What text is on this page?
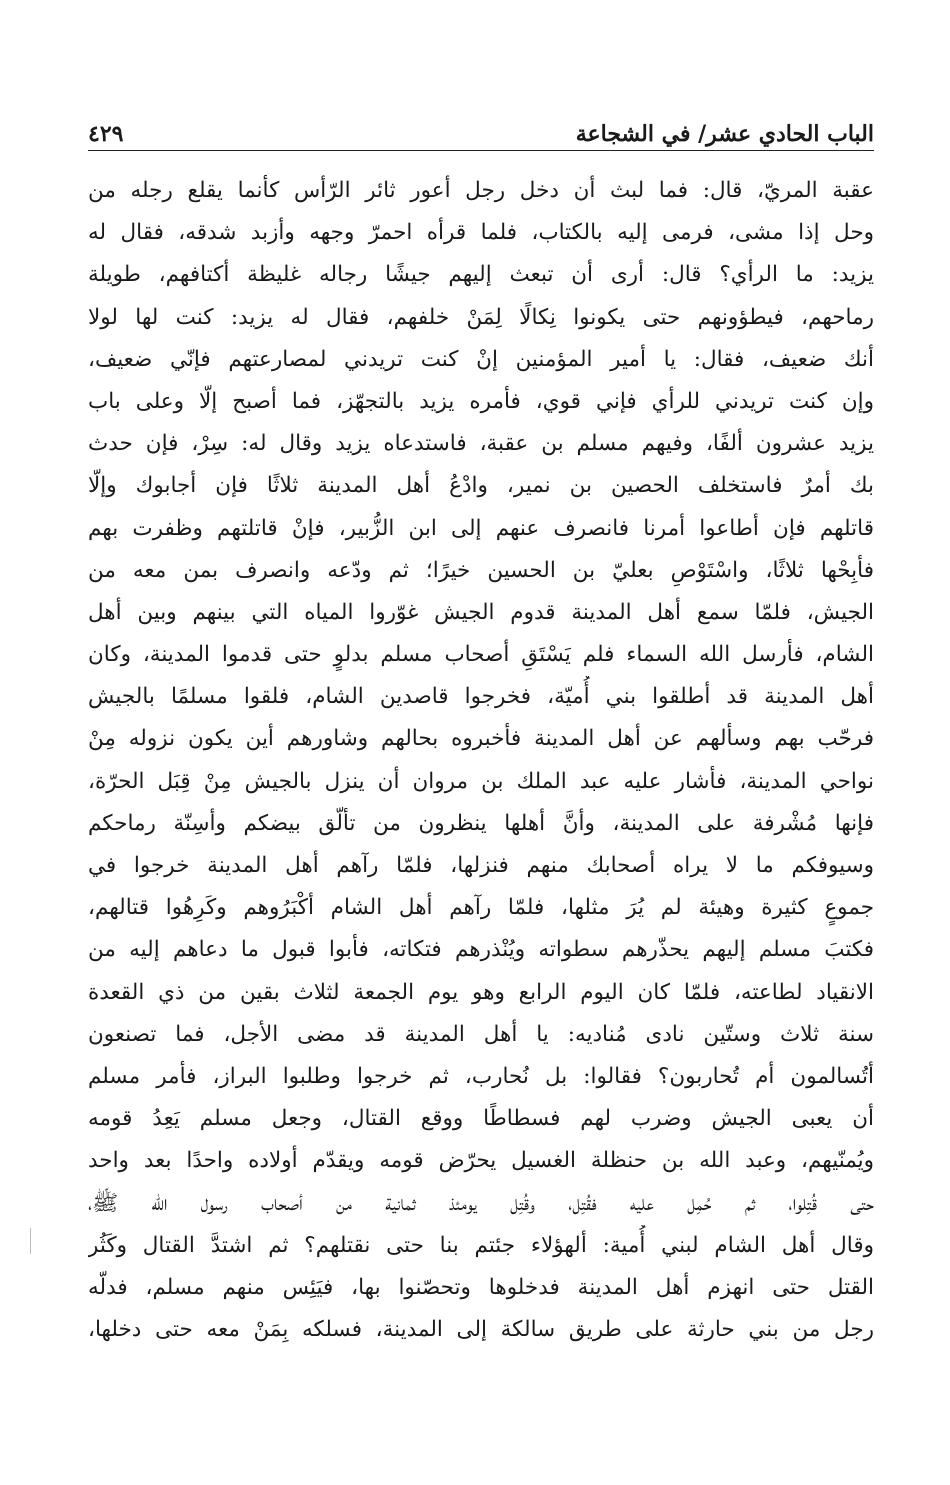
الباب الحادي عشر/ في الشجاعة
٤٢٩
عقبة المريّ، قال: فما لبث أن دخل رجل أعور ثائر الرّأس كأنما يقلع رجله من
وحل إذا مشى، فرمى إليه بالكتاب، فلما قرأه احمرّ وجهه وأزبد شدقه، فقال له
يزيد: ما الرأي؟ قال: أرى أن تبعث إليهم جيشًا رجاله غليظة أكتافهم، طويلة
رماحهم، فيطؤونهم حتى يكونوا نِكالًا لِمَنْ خلفهم، فقال له يزيد: كنت لها لولا
أنك ضعيف، فقال: يا أمير المؤمنين إنْ كنت تريدني لمصارعتهم فإنّي ضعيف،
وإن كنت تريدني للرأي فإني قوي، فأمره يزيد بالتجهّز، فما أصبح إلّا وعلى باب
يزيد عشرون ألفًا، وفيهم مسلم بن عقبة، فاستدعاه يزيد وقال له: سِرْ، فإن حدث
بك أمرٌ فاستخلف الحصين بن نمير، وادْعُ أهل المدينة ثلاثًا فإن أجابوك وإلّا
قاتلهم فإن أطاعوا أمرنا فانصرف عنهم إلى ابن الزُّبير، فإنْ قاتلتهم وظفرت بهم
فأبِحْها ثلاثًا، واسْتَوْصِ بعليّ بن الحسين خيرًا؛ ثم ودّعه وانصرف بمن معه من
الجيش، فلمّا سمع أهل المدينة قدوم الجيش غوّروا المياه التي بينهم وبين أهل
الشام، فأرسل الله السماء فلم يَسْتَقِ أصحاب مسلم بدلوٍ حتى قدموا المدينة، وكان
أهل المدينة قد أطلقوا بني أُميّة، فخرجوا قاصدين الشام، فلقوا مسلمًا بالجيش
فرحّب بهم وسألهم عن أهل المدينة فأخبروه بحالهم وشاورهم أين يكون نزوله مِنْ
نواحي المدينة، فأشار عليه عبد الملك بن مروان أن ينزل بالجيش مِنْ قِبَل الحرّة،
فإنها مُشْرفة على المدينة، وأنَّ أهلها ينظرون من تألّق بيضكم وأسِنّة رماحكم
وسيوفكم ما لا يراه أصحابك منهم فنزلها، فلمّا رآهم أهل المدينة خرجوا في
جموعٍ كثيرة وهيئة لم يُرَ مثلها، فلمّا رآهم أهل الشام أكْبَرُوهم وكَرِهُوا قتالهم،
فكتبَ مسلم إليهم يحذّرهم سطواته ويُنْذرهم فتكاته، فأبوا قبول ما دعاهم إليه من
الانقياد لطاعته، فلمّا كان اليوم الرابع وهو يوم الجمعة لثلاث بقين من ذي القعدة
سنة ثلاث وستّين نادى مُناديه: يا أهل المدينة قد مضى الأجل، فما تصنعون
أتُسالمون أم تُحاربون؟ فقالوا: بل نُحارب، ثم خرجوا وطلبوا البراز، فأمر مسلم
أن يعبى الجيش وضرب لهم فسطاطًا ووقع القتال، وجعل مسلم يَعِدُ قومه
ويُمنّيهم، وعبد الله بن حنظلة الغسيل يحرّض قومه ويقدّم أولاده واحدًا بعد واحد
حتى قُتِلوا، ثم حُمِل عليه فقُتِل، وقُتِل يومئذ ثمانية من أصحاب رسول الله ﷺ،
وقال أهل الشام لبني أُمية: ألهؤلاء جئتم بنا حتى نقتلهم؟ ثم اشتدَّ القتال وكَثُر
القتل حتى انهزم أهل المدينة فدخلوها وتحصّنوا بها، فيَئِس منهم مسلم، فدلّه
رجل من بني حارثة على طريق سالكة إلى المدينة، فسلكه بِمَنْ معه حتى دخلها،
